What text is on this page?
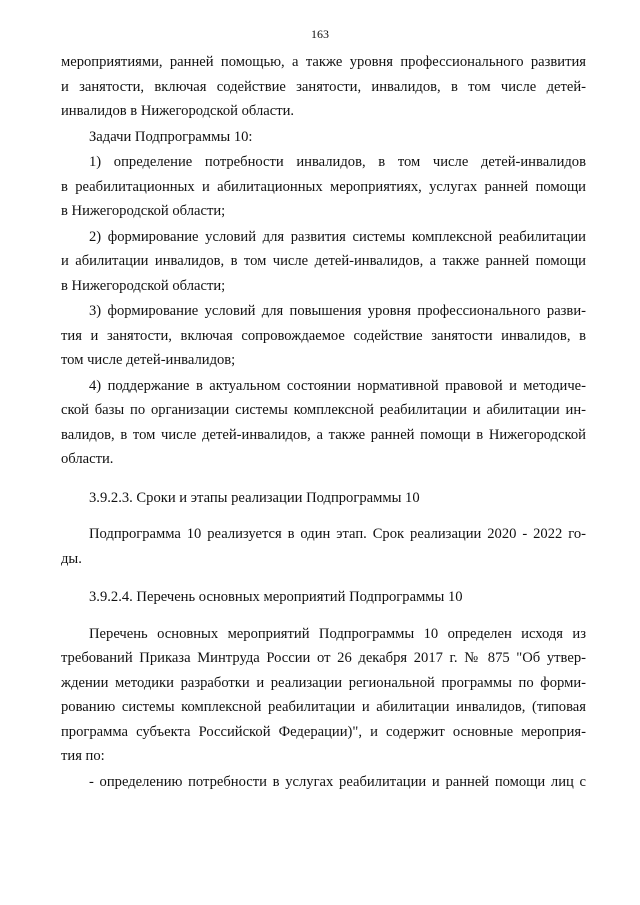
163

мероприятиями, ранней помощью, а также уровня профессионального развития
и занятости, включая содействие занятости, инвалидов, в том числе детей-
инвалидов в Нижегородской области.

Задачи Подпрограммы 10:

1) определение потребности инвалидов, в том числе детей-инвалидов
в реабилитационных и абилитационных мероприятиях, услугах ранней помощи
в Нижегородской области;

2) формирование условий для развития системы комплексной реабилитации
и абилитации инвалидов, в том числе детей-инвалидов, а также ранней помощи
в Нижегородской области;

3) формирование условий для повышения уровня профессионального разви-
тия и занятости, включая сопровождаемое содействие занятости инвалидов, в
том числе детей-инвалидов;

4) поддержание в актуальном состоянии нормативной правовой и методиче-
ской базы по организации системы комплексной реабилитации и абилитации ин-
валидов, в том числе детей-инвалидов, а также ранней помощи в Нижегородской
области.

3.9.2.3. Сроки и этапы реализации Подпрограммы 10

Подпрограмма 10 реализуется в один этап. Срок реализации 2020 - 2022 го-
ды.

3.9.2.4. Перечень основных мероприятий Подпрограммы 10

Перечень основных мероприятий Подпрограммы 10 определен исходя из
требований Приказа Минтруда России от 26 декабря 2017 г. № 875 "Об утвер-
ждении методики разработки и реализации региональной программы по форми-
рованию системы комплексной реабилитации и абилитации инвалидов, (типовая
программа субъекта Российской Федерации)", и содержит основные мероприя-
тия по:

- определению потребности в услугах реабилитации и ранней помощи лиц с
